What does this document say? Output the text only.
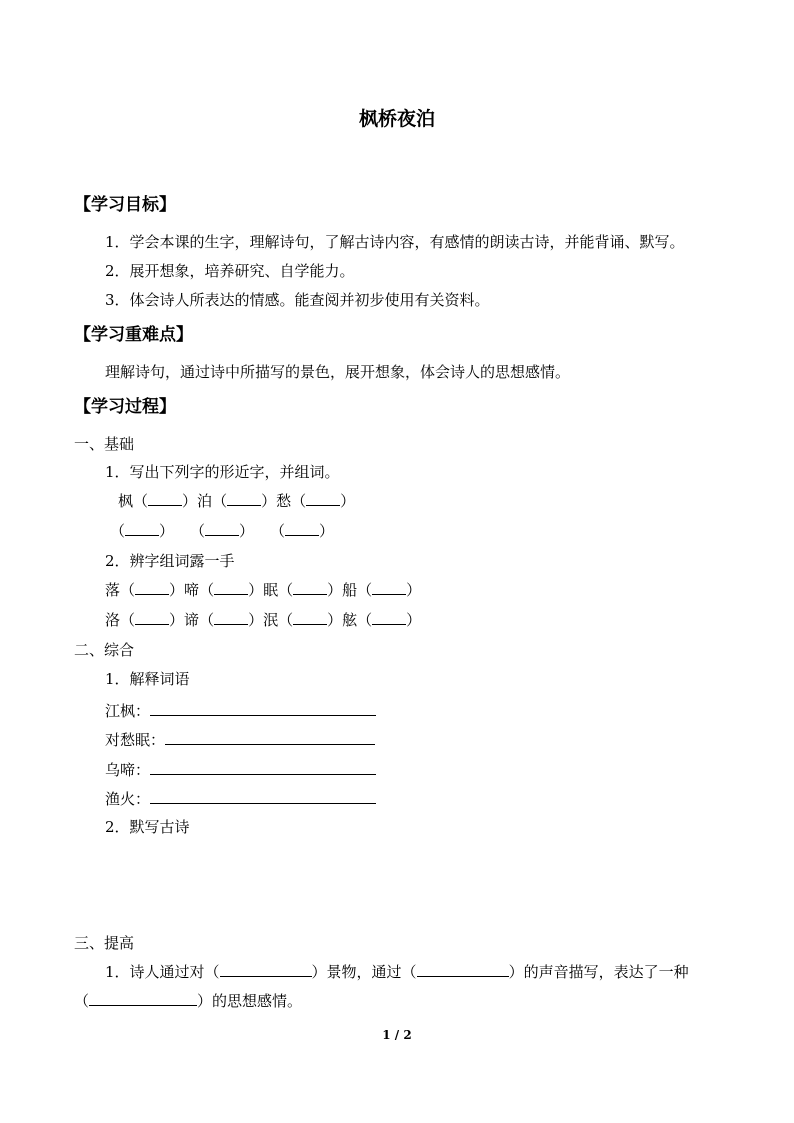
枫桥夜泊
【学习目标】
1．学会本课的生字，理解诗句，了解古诗内容，有感情的朗读古诗，并能背诵、默写。
2．展开想象，培养研究、自学能力。
3．体会诗人所表达的情感。能查阅并初步使用有关资料。
【学习重难点】
理解诗句，通过诗中所描写的景色，展开想象，体会诗人的思想感情。
【学习过程】
一、基础
1．写出下列字的形近字，并组词。
枫（ ）泊（ ）愁（ ）
（ ） （ ） （ ）
2．辨字组词露一手
落（ ）啼（ ）眠（ ）船（ ）
洛（ ）谛（ ）泯（ ）舷（ ）
二、综合
1．解释词语
江枫：
对愁眠：
乌啼：
渔火：
2．默写古诗
三、提高
1．诗人通过对（	）景物，通过（	）的声音描写，表达了一种
（	）的思想感情。
1 / 2
